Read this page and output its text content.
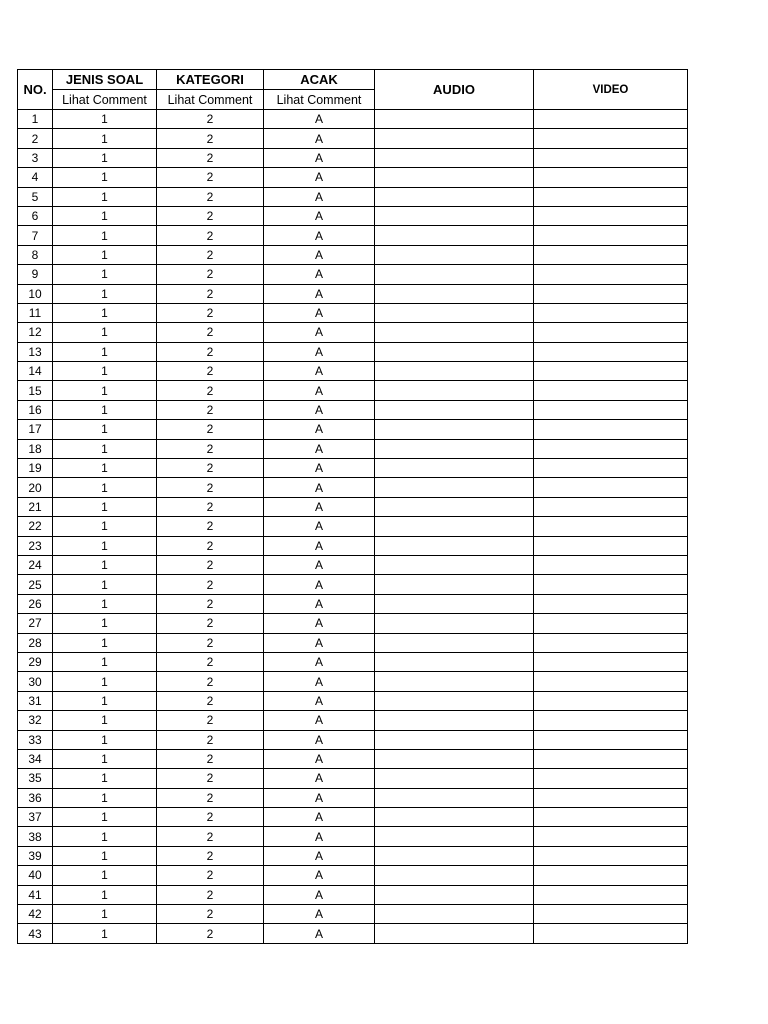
NO.	JENIS SOAL	KATEGORI	ACAK	AUDIO	VIDEO
	Lihat Comment	Lihat Comment	Lihat Comment		
1	1	2	A		
2	1	2	A		
3	1	2	A		
4	1	2	A		
5	1	2	A		
6	1	2	A		
7	1	2	A		
8	1	2	A		
9	1	2	A		
10	1	2	A		
11	1	2	A		
12	1	2	A		
13	1	2	A		
14	1	2	A		
15	1	2	A		
16	1	2	A		
17	1	2	A		
18	1	2	A		
19	1	2	A		
20	1	2	A		
21	1	2	A		
22	1	2	A		
23	1	2	A		
24	1	2	A		
25	1	2	A		
26	1	2	A		
27	1	2	A		
28	1	2	A		
29	1	2	A		
30	1	2	A		
31	1	2	A		
32	1	2	A		
33	1	2	A		
34	1	2	A		
35	1	2	A		
36	1	2	A		
37	1	2	A		
38	1	2	A		
39	1	2	A		
40	1	2	A		
41	1	2	A		
42	1	2	A		
43	1	2	A		
